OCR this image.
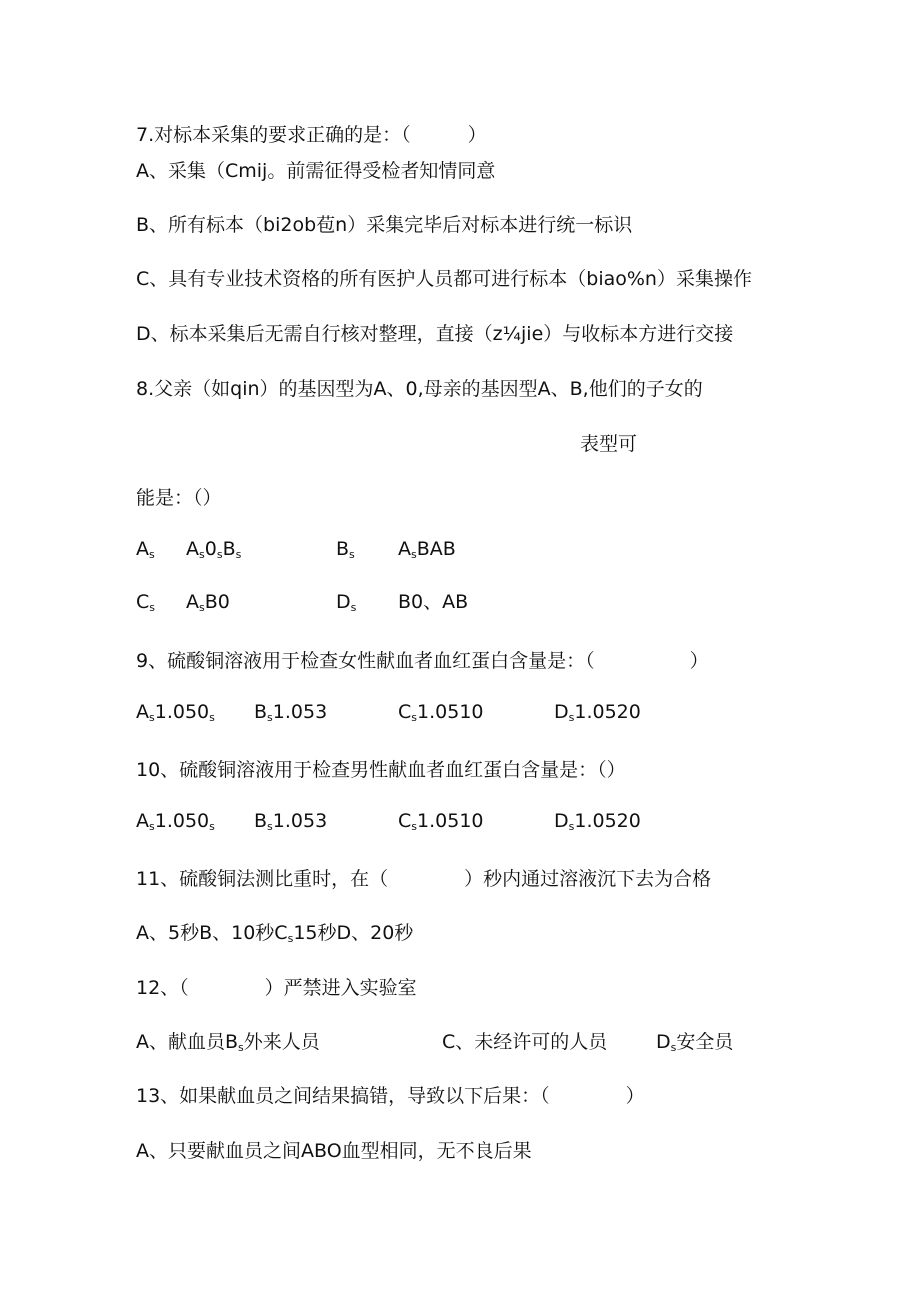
7.对标本采集的要求正确的是：（　　　）
A、采集（Cmij。前需征得受检者知情同意
B、所有标本（bi2ob苞n）采集完毕后对标本进行统一标识
C、具有专业技术资格的所有医护人员都可进行标本（biao%n）采集操作
D、标本采集后无需自行核对整理，直接（z¼jie）与收标本方进行交接
8.父亲（如qin）的基因型为A、0,母亲的基因型A、B,他们的子女的
表型可
能是：（）
$A_s$ $A_s0_sB_s$	$B_s$ $A_sBAB$
$C_s$ $A_sB0$	$D_s$ B0、AB
9、硫酸铜溶液用于检查女性献血者血红蛋白含量是：（　　　　　）
$A_s1.050_s$ $B_s1.053$	$C_s1.0510$	$D_s1.0520$
10、硫酸铜溶液用于检查男性献血者血红蛋白含量是：（）
$A_s1.050_s$ $B_s1.053$	$C_s1.0510$	$D_s1.0520$
11、硫酸铜法测比重时，在（　　　　）秒内通过溶液沉下去为合格
A、5秒B、10秒$C_s15$秒D、20秒
12、（　　　　）严禁进入实验室
A、献血员$B_s$外来人员	C、未经许可的人员	$D_s$安全员
13、如果献血员之间结果搞错，导致以下后果：（　　　　）
A、只要献血员之间ABO血型相同，无不良后果
